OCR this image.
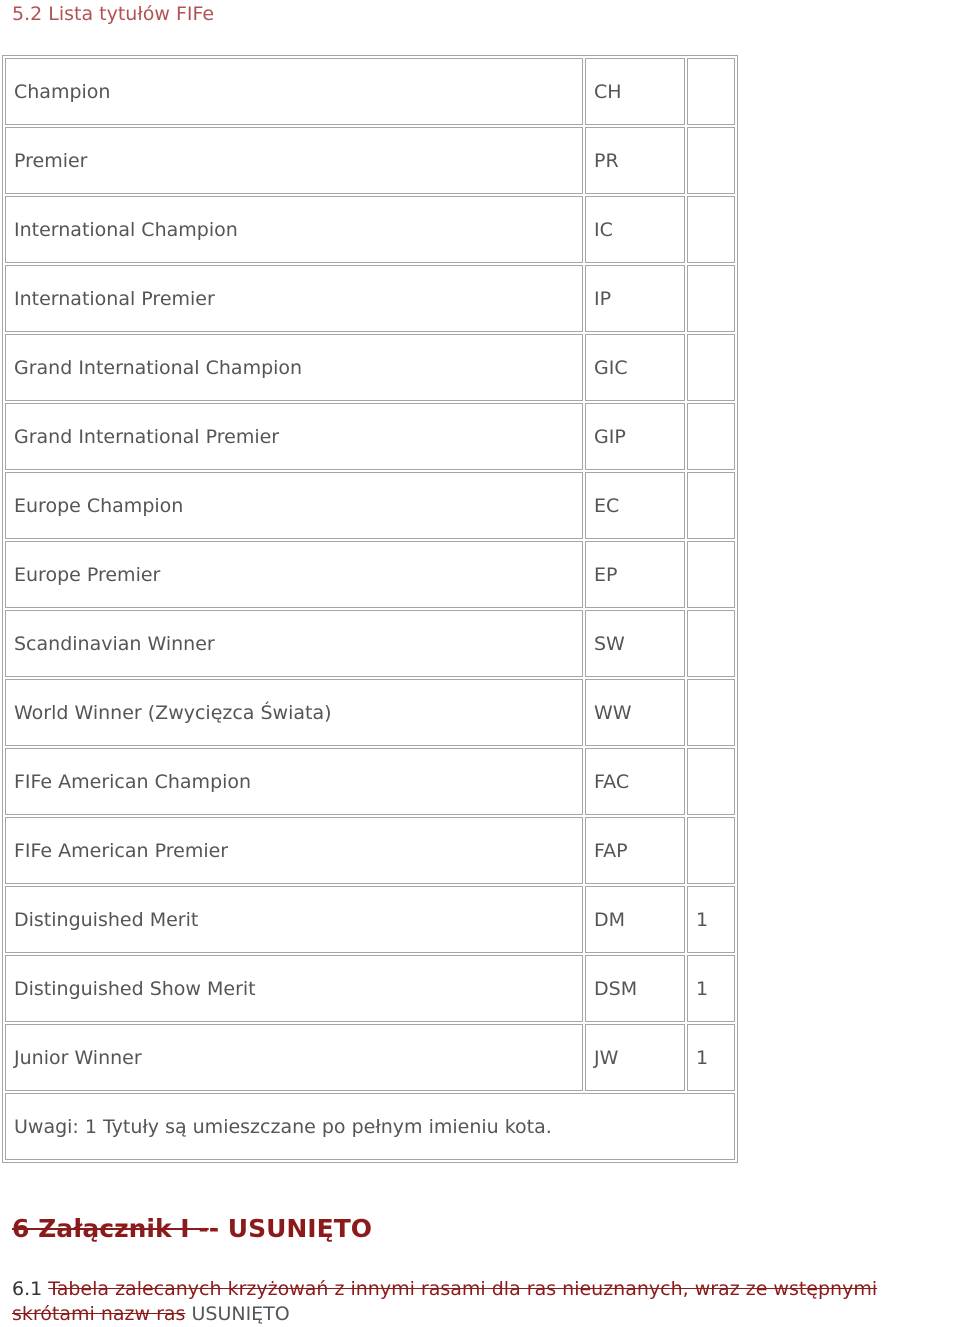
5.2 Lista tytułów FIFe
Champion	CH	
Premier	PR	
International Champion	IC	
International Premier	IP	
Grand International Champion	GIC	
Grand International Premier	GIP	
Europe Champion	EC	
Europe Premier	EP	
Scandinavian Winner	SW	
World Winner (Zwycięzca Świata)	WW	
FIFe American Champion	FAC	
FIFe American Premier	FAP	
Distinguished Merit	DM	1
Distinguished Show Merit	DSM	1
Junior Winner	JW	1
Uwagi: 1 Tytuły są umieszczane po pełnym imieniu kota.		
6 Załącznik I -- USUNIĘTO
6.1 Tabela zalecanych krzyżowań z innymi rasami dla ras nieuznanych, wraz ze wstępnymi skrótami nazw ras USUNIĘTO
